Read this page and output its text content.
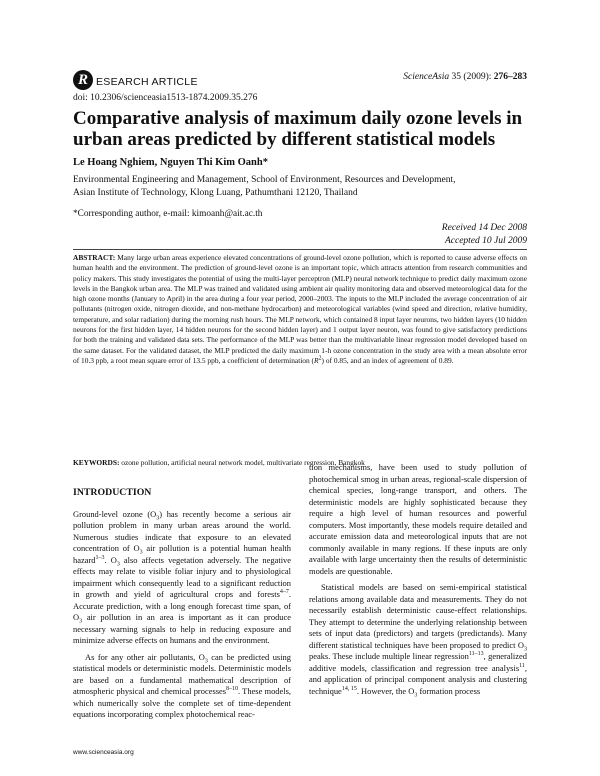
R ESEARCH ARTICLE	ScienceAsia 35 (2009): 276–283
doi: 10.2306/scienceasia1513-1874.2009.35.276
Comparative analysis of maximum daily ozone levels in urban areas predicted by different statistical models
Le Hoang Nghiem, Nguyen Thi Kim Oanh*
Environmental Engineering and Management, School of Environment, Resources and Development,
Asian Institute of Technology, Klong Luang, Pathumthani 12120, Thailand
*Corresponding author, e-mail: kimoanh@ait.ac.th
Received 14 Dec 2008
Accepted 10 Jul 2009
ABSTRACT: Many large urban areas experience elevated concentrations of ground-level ozone pollution, which is reported to cause adverse effects on human health and the environment. The prediction of ground-level ozone is an important topic, which attracts attention from research communities and policy makers. This study investigates the potential of using the multi-layer perceptron (MLP) neural network technique to predict daily maximum ozone levels in the Bangkok urban area. The MLP was trained and validated using ambient air quality monitoring data and observed meteorological data for the high ozone months (January to April) in the area during a four year period, 2000–2003. The inputs to the MLP included the average concentration of air pollutants (nitrogen oxide, nitrogen dioxide, and non-methane hydrocarbon) and meteorological variables (wind speed and direction, relative humidity, temperature, and solar radiation) during the morning rush hours. The MLP network, which contained 8 input layer neurons, two hidden layers (10 hidden neurons for the first hidden layer, 14 hidden neurons for the second hidden layer) and 1 output layer neuron, was found to give satisfactory predictions for both the training and validated data sets. The performance of the MLP was better than the multivariable linear regression model developed based on the same dataset. For the validated dataset, the MLP predicted the daily maximum 1-h ozone concentration in the study area with a mean absolute error of 10.3 ppb, a root mean square error of 13.5 ppb, a coefficient of determination $(R^2)$ of 0.85, and an index of agreement of 0.89.
KEYWORDS: ozone pollution, artificial neural network model, multivariate regression, Bangkok
INTRODUCTION

Ground-level ozone $(O_3)$ has recently become a serious air pollution problem in many urban areas around the world. Numerous studies indicate that exposure to an elevated concentration of $O_3$ air pollution is a potential human health hazard$^{1-3}$. $O_3$ also affects vegetation adversely. The negative effects may relate to visible foliar injury and to physiological impairment which consequently lead to a significant reduction in growth and yield of agricultural crops and forests$^{4-7}$. Accurate prediction, with a long enough forecast time span, of $O_3$ air pollution in an area is important as it can produce necessary warning signals to help in reducing exposure and minimize adverse effects on humans and the environment.

As for any other air pollutants, $O_3$ can be predicted using statistical models or deterministic models. Deterministic models are based on a fundamental mathematical description of atmospheric physical and chemical processes$^{8-10}$. These models, which numerically solve the complete set of time-dependent equations incorporating complex photochemical reac-

tion mechanisms, have been used to study pollution of photochemical smog in urban areas, regional-scale dispersion of chemical species, long-range transport, and others. The deterministic models are highly sophisticated because they require a high level of human resources and powerful computers. Most importantly, these models require detailed and accurate emission data and meteorological inputs that are not commonly available in many regions. If these inputs are only available with large uncertainty then the results of deterministic models are questionable.

Statistical models are based on semi-empirical statistical relations among available data and measurements. They do not necessarily establish deterministic cause-effect relationships. They attempt to determine the underlying relationship between sets of input data (predictors) and targets (predictands). Many different statistical techniques have been proposed to predict $O_3$ peaks. These include multiple linear regression$^{11-13}$, generalized additive models, classification and regression tree analysis$^{11}$, and application of principal component analysis and clustering technique$^{14, 15}$. However, the $O_3$ formation process

www.scienceasia.org
